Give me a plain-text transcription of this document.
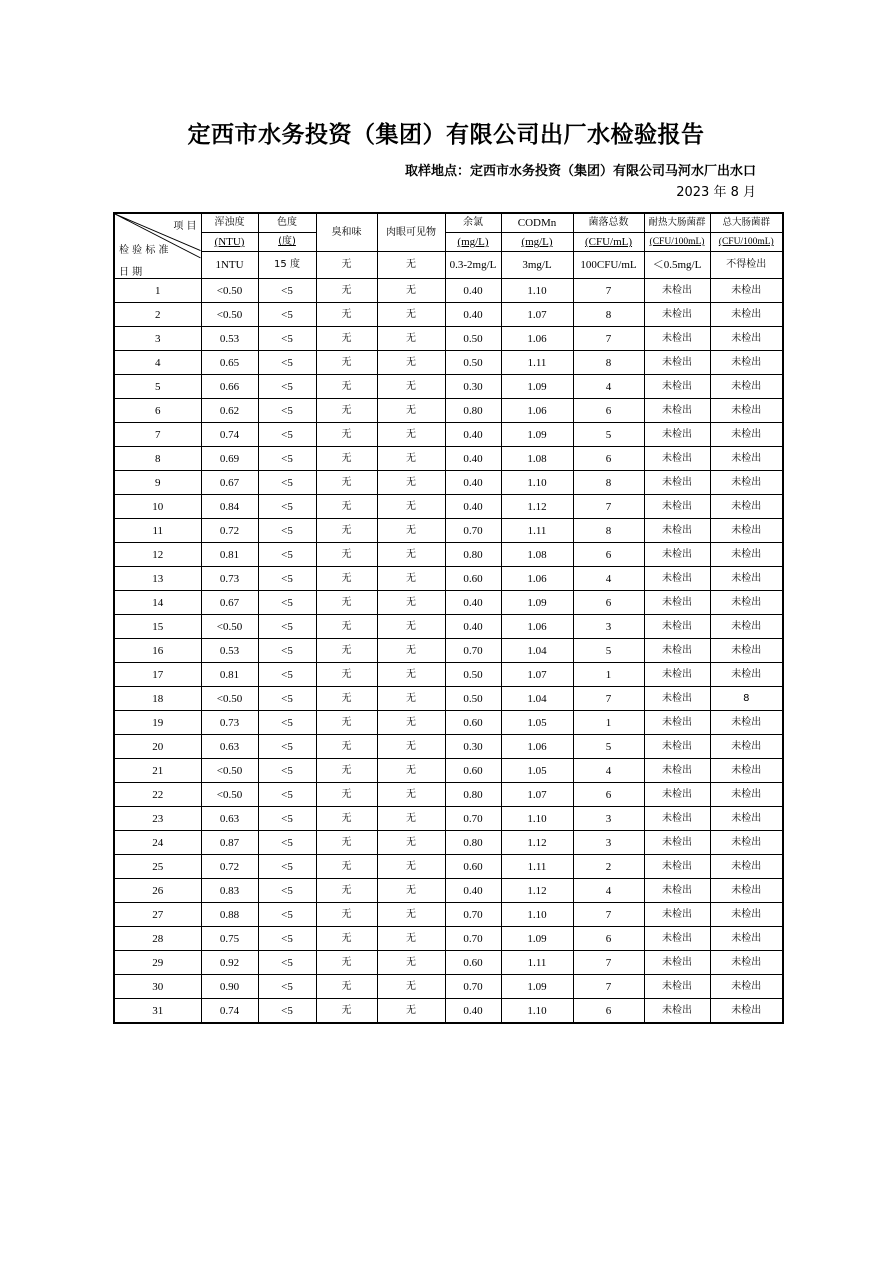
定西市水务投资（集团）有限公司出厂水检验报告
取样地点：定西市水务投资（集团）有限公司马河水厂出水口
2023 年 8 月
项 目
检 验 标 准
日 期	浑浊度	色度	臭和味	肉眼可见物	余氯	CODMn	菌落总数	耐热大肠菌群	总大肠菌群
	(NTU)	(度)			(mg/L)	(mg/L)	(CFU/mL)	(CFU/100mL)	(CFU/100mL)
	1NTU	15 度	无	无	0.3-2mg/L	3mg/L	100CFU/mL	＜0.5mg/L	不得检出
1	<0.50	<5	无	无	0.40	1.10	7	未检出	未检出
2	<0.50	<5	无	无	0.40	1.07	8	未检出	未检出
3	0.53	<5	无	无	0.50	1.06	7	未检出	未检出
4	0.65	<5	无	无	0.50	1.11	8	未检出	未检出
5	0.66	<5	无	无	0.30	1.09	4	未检出	未检出
6	0.62	<5	无	无	0.80	1.06	6	未检出	未检出
7	0.74	<5	无	无	0.40	1.09	5	未检出	未检出
8	0.69	<5	无	无	0.40	1.08	6	未检出	未检出
9	0.67	<5	无	无	0.40	1.10	8	未检出	未检出
10	0.84	<5	无	无	0.40	1.12	7	未检出	未检出
11	0.72	<5	无	无	0.70	1.11	8	未检出	未检出
12	0.81	<5	无	无	0.80	1.08	6	未检出	未检出
13	0.73	<5	无	无	0.60	1.06	4	未检出	未检出
14	0.67	<5	无	无	0.40	1.09	6	未检出	未检出
15	<0.50	<5	无	无	0.40	1.06	3	未检出	未检出
16	0.53	<5	无	无	0.70	1.04	5	未检出	未检出
17	0.81	<5	无	无	0.50	1.07	1	未检出	未检出
18	<0.50	<5	无	无	0.50	1.04	7	未检出	8
19	0.73	<5	无	无	0.60	1.05	1	未检出	未检出
20	0.63	<5	无	无	0.30	1.06	5	未检出	未检出
21	<0.50	<5	无	无	0.60	1.05	4	未检出	未检出
22	<0.50	<5	无	无	0.80	1.07	6	未检出	未检出
23	0.63	<5	无	无	0.70	1.10	3	未检出	未检出
24	0.87	<5	无	无	0.80	1.12	3	未检出	未检出
25	0.72	<5	无	无	0.60	1.11	2	未检出	未检出
26	0.83	<5	无	无	0.40	1.12	4	未检出	未检出
27	0.88	<5	无	无	0.70	1.10	7	未检出	未检出
28	0.75	<5	无	无	0.70	1.09	6	未检出	未检出
29	0.92	<5	无	无	0.60	1.11	7	未检出	未检出
30	0.90	<5	无	无	0.70	1.09	7	未检出	未检出
31	0.74	<5	无	无	0.40	1.10	6	未检出	未检出
